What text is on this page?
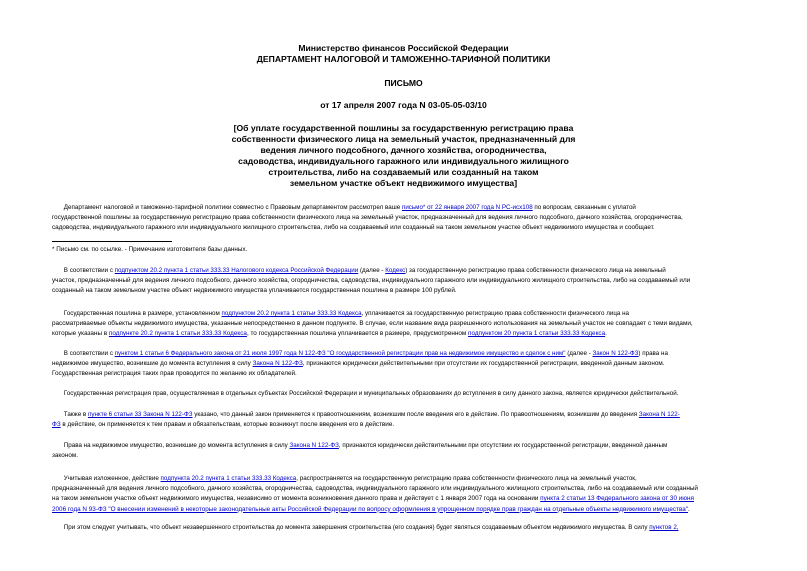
Министерство финансов Российской Федерации
ДЕПАРТАМЕНТ НАЛОГОВОЙ И ТАМОЖЕННО-ТАРИФНОЙ ПОЛИТИКИ
ПИСЬМО
от 17 апреля 2007 года N 03-05-05-03/10
[Об уплате государственной пошлины за государственную регистрацию права
собственности физического лица на земельный участок, предназначенный для
ведения личного подсобного, дачного хозяйства, огородничества,
садоводства, индивидуального гаражного или индивидуального жилищного
строительства, либо на создаваемый или созданный на таком
земельном участке объект недвижимого имущества]
Департамент налоговой и таможенно-тарифной политики совместно с Правовым департаментом рассмотрел ваше письмо* от 22 января 2007 года N РС-исх108 по вопросам, связанным с уплатой
государственной пошлины за государственную регистрацию права собственности физического лица на земельный участок, предназначенный для ведения личного подсобного, дачного хозяйства, огородничества,
садоводства, индивидуального гаражного или индивидуального жилищного строительства, либо на создаваемый или созданный на таком земельном участке объект недвижимого имущества и сообщает.
* Письмо см. по ссылке. - Примечание изготовителя базы данных.
В соответствии с подпунктом 20.2 пункта 1 статьи 333.33 Налогового кодекса Российской Федерации (далее - Кодекс) за государственную регистрацию права собственности физического лица на земельный
участок, предназначенный для ведения личного подсобного, дачного хозяйства, огородничества, садоводства, индивидуального гаражного или индивидуального жилищного строительства, либо на создаваемый или
созданный на таком земельном участке объект недвижимого имущества уплачивается государственная пошлина в размере 100 рублей.
Государственная пошлина в размере, установленном подпунктом 20.2 пункта 1 статьи 333.33 Кодекса, уплачивается за государственную регистрацию права собственности физического лица на
рассматриваемые объекты недвижимого имущества, указанные непосредственно в данном подпункте. В случае, если название вида разрешенного использования на земельный участок не совпадает с теми видами,
которые указаны в подпункте 20.2 пункта 1 статьи 333.33 Кодекса, то государственная пошлина уплачивается в размере, предусмотренном подпунктом 20 пункта 1 статьи 333.33 Кодекса.
В соответствии с пунктом 1 статьи 6 Федерального закона от 21 июля 1997 года N 122-ФЗ "О государственной регистрации прав на недвижимое имущество и сделок с ним" (далее - Закон N 122-ФЗ) права на
недвижимое имущество, возникшие до момента вступления в силу Закона N 122-ФЗ, признаются юридически действительными при отсутствии их государственной регистрации, введенной данным законом.
Государственная регистрация таких прав проводится по желанию их обладателей.
Государственная регистрация прав, осуществляемая в отдельных субъектах Российской Федерации и муниципальных образованиях до вступления в силу данного закона, является юридически действительной.
Также в пункте 6 статьи 33 Закона N 122-ФЗ указано, что данный закон применяется к правоотношениям, возникшим после введения его в действие. По правоотношениям, возникшим до введения Закона N 122-
ФЗ в действие, он применяется к тем правам и обязательствам, которые возникнут после введения его в действие.
Права на недвижимое имущество, возникшие до момента вступления в силу Закона N 122-ФЗ, признаются юридически действительными при отсутствии их государственной регистрации, введенной данным
законом.
Учитывая изложенное, действие подпункта 20.2 пункта 1 статьи 333.33 Кодекса, распространяется на государственную регистрацию права собственности физического лица на земельный участок,
предназначенный для ведения личного подсобного, дачного хозяйства, огородничества, садоводства, индивидуального гаражного или индивидуального жилищного строительства, либо на создаваемый или созданный
на таком земельном участке объект недвижимого имущества, независимо от момента возникновения данного права и действует с 1 января 2007 года на основании пункта 2 статьи 13 Федерального закона от 30 июня
2006 года N 93-ФЗ "О внесении изменений в некоторые законодательные акты Российской Федерации по вопросу оформления в упрощенном порядке прав граждан на отдельные объекты недвижимого имущества".
При этом следует учитывать, что объект незавершенного строительства до момента завершения строительства (его создания) будет являться создаваемым объектом недвижимого имущества. В силу пунктов 2,
